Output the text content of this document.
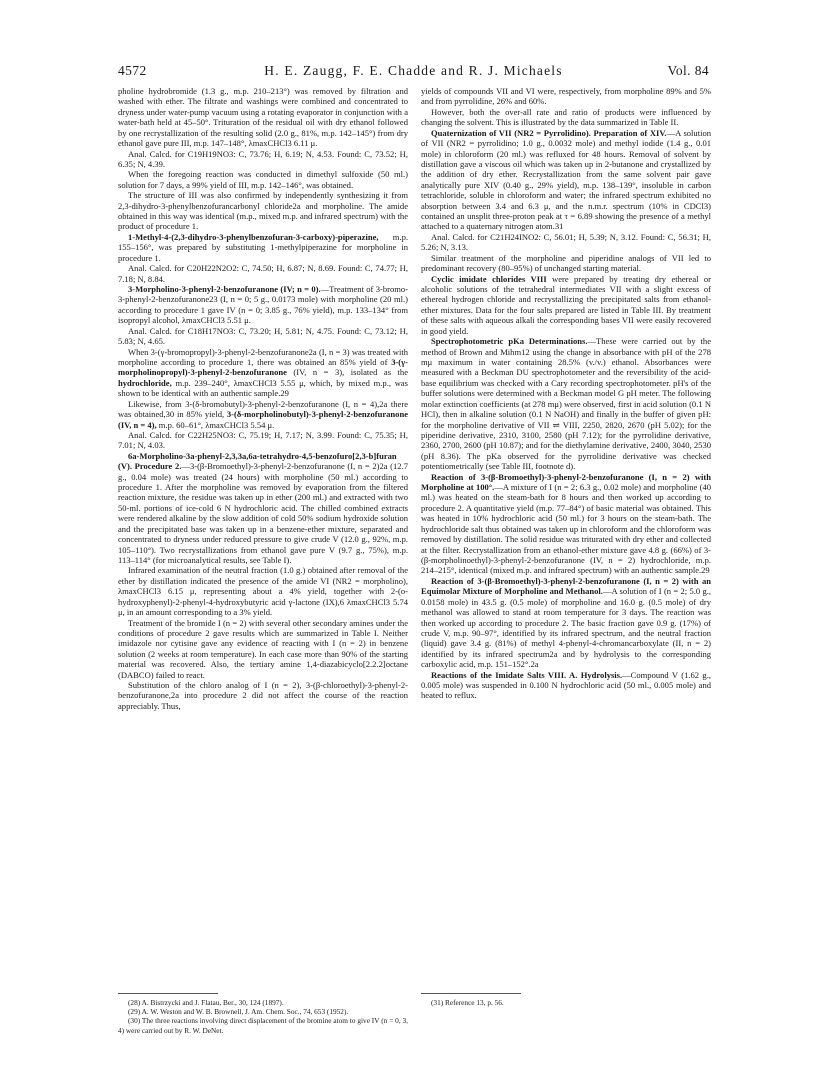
4572	H. E. Zaugg, F. E. Chadde and R. J. Michaels	Vol. 84

pholine hydrobromide (1.3 g., m.p. 210–213°) was removed by filtration and washed with ether. The filtrate and washings were combined and concentrated to dryness under water-pump vacuum using a rotating evaporator in conjunction with a water-bath held at 45–50°. Trituration of the residual oil with dry ethanol followed by one recrystallization of the resulting solid (2.0 g., 81%, m.p. 142–145°) from dry ethanol gave pure III, m.p. 147–148°, λmaxCHCl3 6.11 μ.

Anal. Calcd. for C19H19NO3: C, 73.76; H, 6.19; N, 4.53. Found: C, 73.52; H, 6.35; N, 4.39.

When the foregoing reaction was conducted in dimethyl sulfoxide (50 ml.) solution for 7 days, a 99% yield of III, m.p. 142–146°, was obtained.

The structure of III was also confirmed by independently synthesizing it from 2,3-dihydro-3-phenylbenzofurancarbonyl chloride2a and morpholine. The amide obtained in this way was identical (m.p., mixed m.p. and infrared spectrum) with the product of procedure 1.

1-Methyl-4-(2,3-dihydro-3-phenylbenzofuran-3-carboxy)-piperazine, m.p. 155–156°, was prepared by substituting 1-methylpiperazine for morpholine in procedure 1.

Anal. Calcd. for C20H22N2O2: C, 74.50; H, 6.87; N, 8.69. Found: C, 74.77; H, 7.18; N, 8.84.

3-Morpholino-3-phenyl-2-benzofuranone (IV; n = 0).—Treatment of 3-bromo-3-phenyl-2-benzofuranone23 (I, n = 0; 5 g., 0.0173 mole) with morpholine (20 ml.) according to procedure 1 gave IV (n = 0; 3.85 g., 76% yield), m.p. 133–134° from isopropyl alcohol, λmaxCHCl3 5.51 μ.

Anal. Calcd. for C18H17NO3: C, 73.20; H, 5.81; N, 4.75. Found: C, 73.12; H, 5.83; N, 4.65.

When 3-(γ-bromopropyl)-3-phenyl-2-benzofuranone2a (I, n = 3) was treated with morpholine according to procedure 1, there was obtained an 85% yield of 3-(γ-morpholinopropyl)-3-phenyl-2-benzofuranone (IV, n = 3), isolated as the hydrochloride, m.p. 239–240°, λmaxCHCl3 5.55 μ, which, by mixed m.p., was shown to be identical with an authentic sample.29

Likewise, from 3-(δ-bromobutyl)-3-phenyl-2-benzofuranone (I, n = 4),2a there was obtained,30 in 85% yield, 3-(δ-morpholinobutyl)-3-phenyl-2-benzofuranone (IV, n = 4), m.p. 60–61°, λmaxCHCl3 5.54 μ.

Anal. Calcd. for C22H25NO3: C, 75.19; H, 7.17; N, 3.99. Found: C, 75.35; H, 7.01; N, 4.03.

6a-Morpholino-3a-phenyl-2,3,3a,6a-tetrahydro-4,5-benzofuro[2,3-b]furan (V). Procedure 2.—3-(β-Bromoethyl)-3-phenyl-2-benzofuranone (I, n = 2)2a (12.7 g., 0.04 mole) was treated (24 hours) with morpholine (50 ml.) according to procedure 1. After the morpholine was removed by evaporation from the filtered reaction mixture, the residue was taken up in ether (200 ml.) and extracted with two 50-ml. portions of ice-cold 6 N hydrochloric acid. The chilled combined extracts were rendered alkaline by the slow addition of cold 50% sodium hydroxide solution and the precipitated base was taken up in a benzene-ether mixture, separated and concentrated to dryness under reduced pressure to give crude V (12.0 g., 92%, m.p. 105–110°). Two recrystallizations from ethanol gave pure V (9.7 g., 75%), m.p. 113–114° (for microanalytical results, see Table I).

Infrared examination of the neutral fraction (1.0 g.) obtained after removal of the ether by distillation indicated the presence of the amide VI (NR2 = morpholino), λmaxCHCl3 6.15 μ, representing about a 4% yield, together with 2-(o-hydroxyphenyl)-2-phenyl-4-hydroxybutyric acid γ-lactone (IX),6 λmaxCHCl3 5.74 μ, in an amount corresponding to a 3% yield.

Treatment of the bromide I (n = 2) with several other secondary amines under the conditions of procedure 2 gave results which are summarized in Table I. Neither imidazole nor cytisine gave any evidence of reacting with I (n = 2) in benzene solution (2 weeks at room temperature). In each case more than 90% of the starting material was recovered. Also, the tertiary amine 1,4-diazabicyclo[2.2.2]octane (DABCO) failed to react.

Substitution of the chloro analog of I (n = 2), 3-(β-chloroethyl)-3-phenyl-2-benzofuranone,2a into procedure 2 did not affect the course of the reaction appreciably. Thus,

yields of compounds VII and VI were, respectively, from morpholine 89% and 5% and from pyrrolidine, 26% and 60%.

However, both the over-all rate and ratio of products were influenced by changing the solvent. This is illustrated by the data summarized in Table II.

Quaternization of VII (NR2 = Pyrrolidino). Preparation of XIV.—A solution of VII (NR2 = pyrrolidino; 1.0 g., 0.0032 mole) and methyl iodide (1.4 g., 0.01 mole) in chloroform (20 ml.) was refluxed for 48 hours. Removal of solvent by distillation gave a viscous oil which was taken up in 2-butanone and crystallized by the addition of dry ether. Recrystallization from the same solvent pair gave analytically pure XIV (0.40 g., 29% yield), m.p. 138–139°, insoluble in carbon tetrachloride, soluble in chloroform and water; the infrared spectrum exhibited no absorption between 3.4 and 6.3 μ, and the n.m.r. spectrum (10% in CDCl3) contained an unsplit three-proton peak at τ = 6.89 showing the presence of a methyl attached to a quaternary nitrogen atom.31

Anal. Calcd. for C21H24INO2: C, 56.01; H, 5.39; N, 3.12. Found: C, 56.31; H, 5.26; N, 3.13.

Similar treatment of the morpholine and piperidine analogs of VII led to predominant recovery (80–95%) of unchanged starting material.

Cyclic imidate chlorides VIII were prepared by treating dry ethereal or alcoholic solutions of the tetrahedral intermediates VII with a slight excess of ethereal hydrogen chloride and recrystallizing the precipitated salts from ethanol-ether mixtures. Data for the four salts prepared are listed in Table III. By treatment of these salts with aqueous alkali the corresponding bases VII were easily recovered in good yield.

Spectrophotometric pKa Determinations.—These were carried out by the method of Brown and Mihm12 using the change in absorbance with pH of the 278 mμ maximum in water containing 28.5% (v./v.) ethanol. Absorbances were measured with a Beckman DU spectrophotometer and the reversibility of the acid-base equilibrium was checked with a Cary recording spectrophotometer. pH's of the buffer solutions were determined with a Beckman model G pH meter. The following molar extinction coefficients (at 278 mμ) were observed, first in acid solution (0.1 N HCl), then in alkaline solution (0.1 N NaOH) and finally in the buffer of given pH: for the morpholine derivative of VII ⇌ VIII, 2250, 2820, 2670 (pH 5.02); for the piperidine derivative, 2310, 3100, 2580 (pH 7.12); for the pyrrolidine derivative, 2360, 2700, 2600 (pH 10.87); and for the diethylamine derivative, 2400, 3040, 2530 (pH 8.36). The pKa observed for the pyrrolidine derivative was checked potentiometrically (see Table III, footnote d).

Reaction of 3-(β-Bromoethyl)-3-phenyl-2-benzofuranone (I, n = 2) with Morpholine at 100°.—A mixture of I (n = 2; 6.3 g., 0.02 mole) and morpholine (40 ml.) was heated on the steam-bath for 8 hours and then worked up according to procedure 2. A quantitative yield (m.p. 77–84°) of basic material was obtained. This was heated in 10% hydrochloric acid (50 ml.) for 3 hours on the steam-bath. The hydrochloride salt thus obtained was taken up in chloroform and the chloroform was removed by distillation. The solid residue was triturated with dry ether and collected at the filter. Recrystallization from an ethanol-ether mixture gave 4.8 g. (66%) of 3-(β-morpholinoethyl)-3-phenyl-2-benzofuranone (IV, n = 2) hydrochloride, m.p. 214–215°, identical (mixed m.p. and infrared spectrum) with an authentic sample.29

Reaction of 3-(β-Bromoethyl)-3-phenyl-2-benzofuranone (I, n = 2) with an Equimolar Mixture of Morpholine and Methanol.—A solution of I (n = 2; 5.0 g., 0.0158 mole) in 43.5 g. (0.5 mole) of morpholine and 16.0 g. (0.5 mole) of dry methanol was allowed to stand at room temperature for 3 days. The reaction was then worked up according to procedure 2. The basic fraction gave 0.9 g. (17%) of crude V, m.p. 90–97°, identified by its infrared spectrum, and the neutral fraction (liquid) gave 3.4 g. (81%) of methyl 4-phenyl-4-chromancarboxylate (II, n = 2) identified by its infrared spectrum2a and by hydrolysis to the corresponding carboxylic acid, m.p. 151–152°.2a

Reactions of the Imidate Salts VIII. A. Hydrolysis.—Compound V (1.62 g., 0.005 mole) was suspended in 0.100 N hydrochloric acid (50 ml., 0.005 mole) and heated to reflux.

(28) A. Bistrzycki and J. Flatau, Ber., 30, 124 (1897).

(29) A. W. Weston and W. B. Brownell, J. Am. Chem. Soc., 74, 653 (1952).

(30) The three reactions involving direct displacement of the bromine atom to give IV (n = 0, 3, 4) were carried out by R. W. DeNet.

(31) Reference 13, p. 56.
